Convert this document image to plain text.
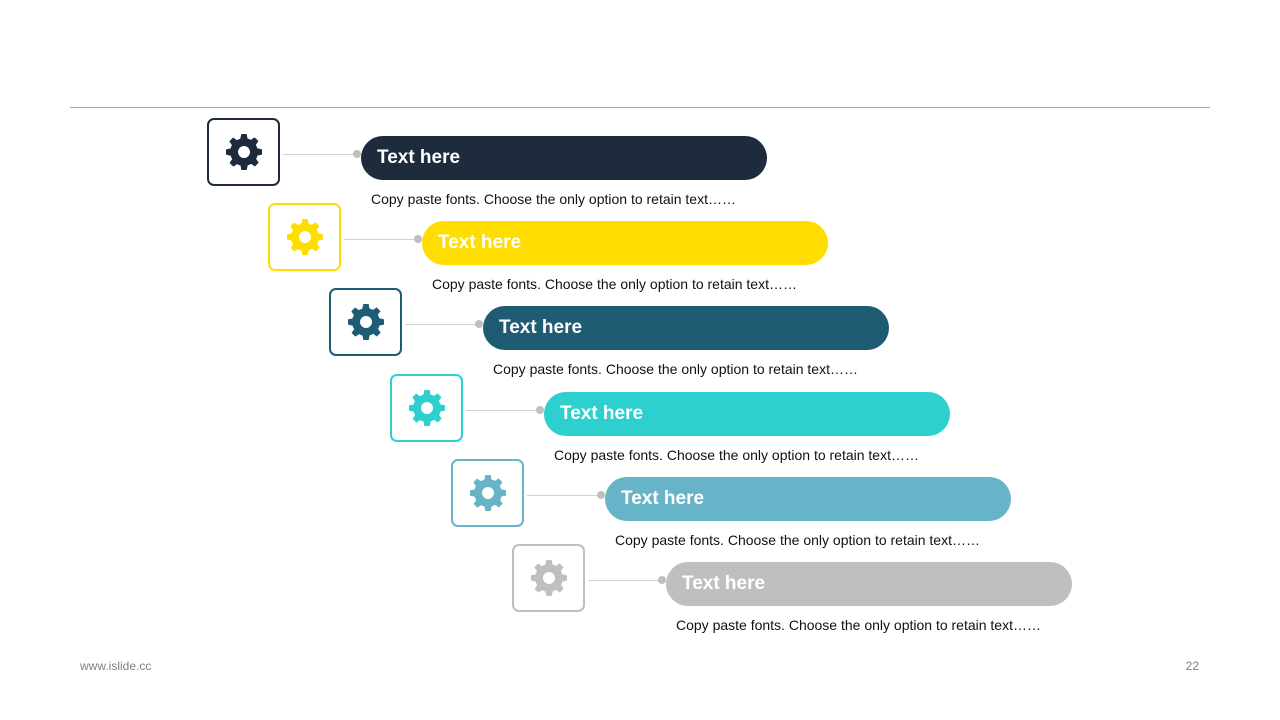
Text here
Copy paste fonts. Choose the only option to retain text……
Text here
Copy paste fonts. Choose the only option to retain text……
Text here
Copy paste fonts. Choose the only option to retain text……
Text here
Copy paste fonts. Choose the only option to retain text……
Text here
Copy paste fonts. Choose the only option to retain text……
Text here
Copy paste fonts. Choose the only option to retain text……
www.islide.cc	22
